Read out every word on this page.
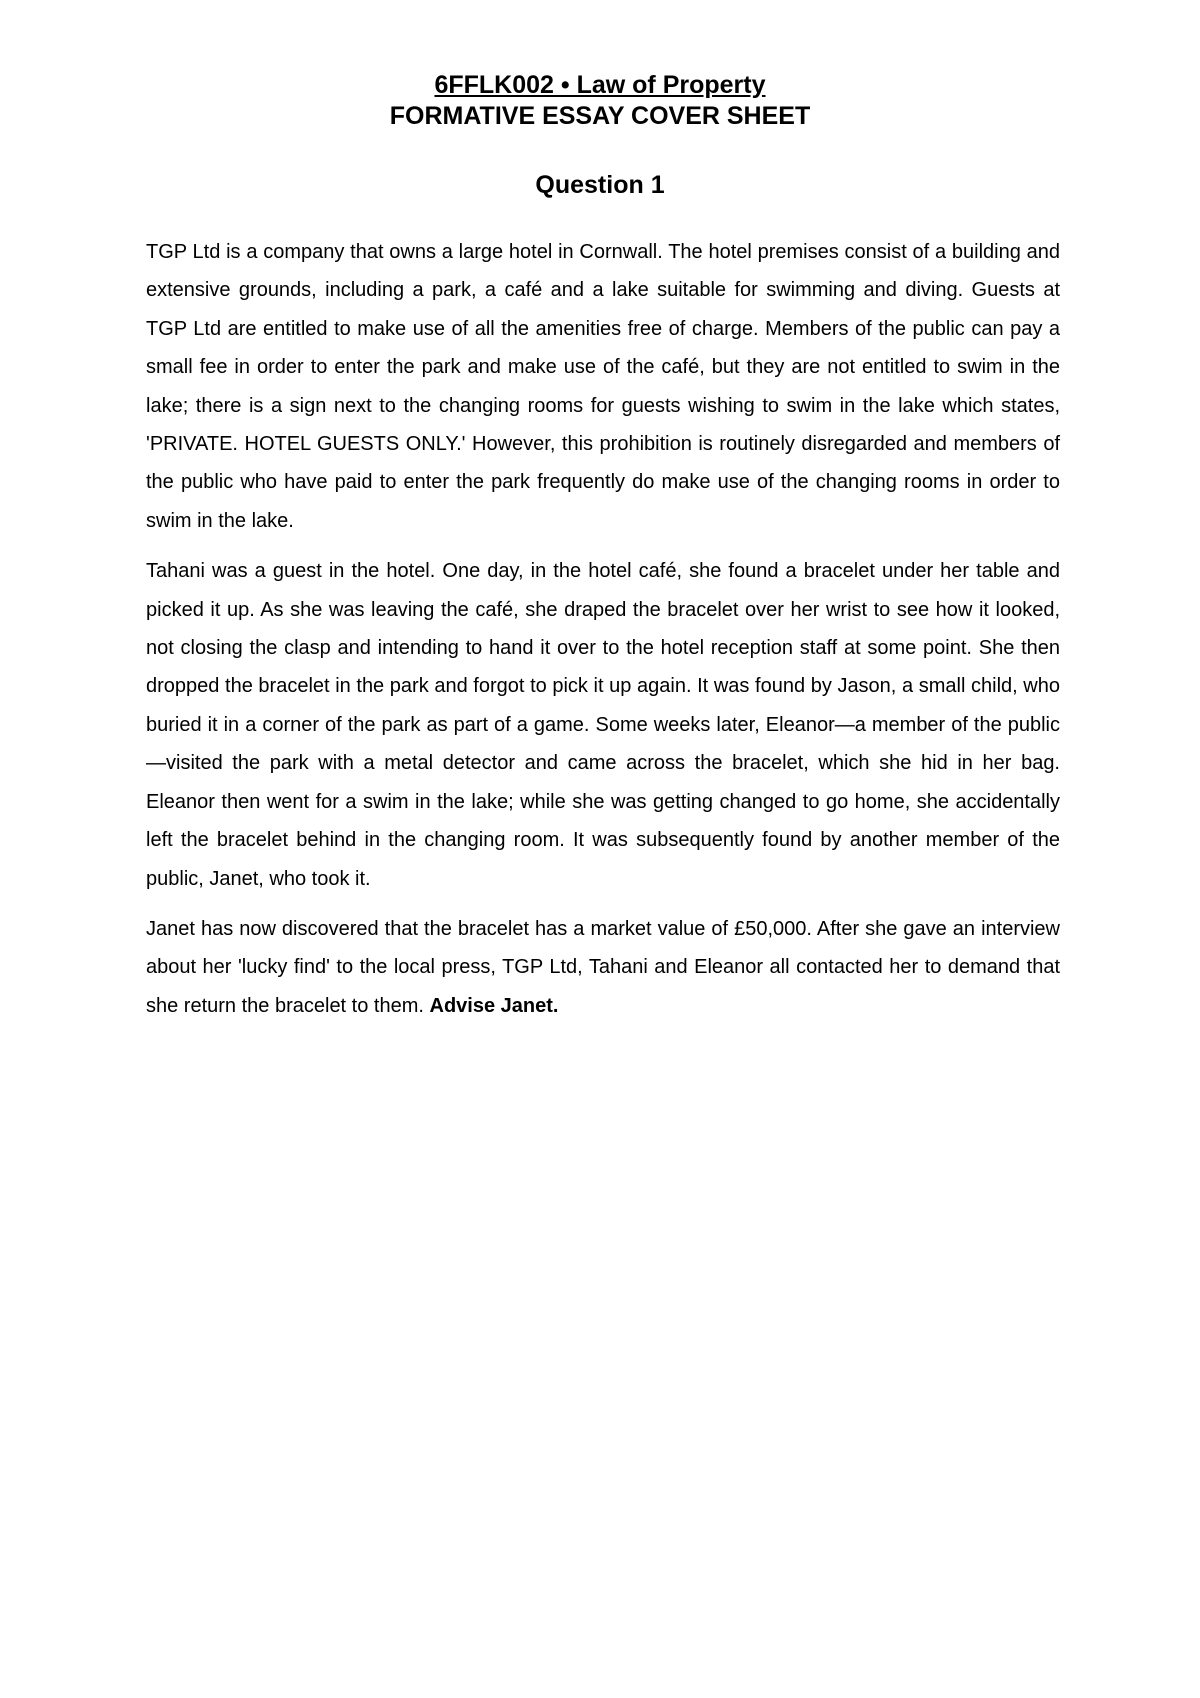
6FFLK002 • Law of Property

FORMATIVE ESSAY COVER SHEET

Question 1

TGP Ltd is a company that owns a large hotel in Cornwall. The hotel premises consist of a building and extensive grounds, including a park, a café and a lake suitable for swimming and diving. Guests at TGP Ltd are entitled to make use of all the amenities free of charge. Members of the public can pay a small fee in order to enter the park and make use of the café, but they are not entitled to swim in the lake; there is a sign next to the changing rooms for guests wishing to swim in the lake which states, 'PRIVATE. HOTEL GUESTS ONLY.' However, this prohibition is routinely disregarded and members of the public who have paid to enter the park frequently do make use of the changing rooms in order to swim in the lake.

Tahani was a guest in the hotel. One day, in the hotel café, she found a bracelet under her table and picked it up. As she was leaving the café, she draped the bracelet over her wrist to see how it looked, not closing the clasp and intending to hand it over to the hotel reception staff at some point. She then dropped the bracelet in the park and forgot to pick it up again. It was found by Jason, a small child, who buried it in a corner of the park as part of a game. Some weeks later, Eleanor—a member of the public—visited the park with a metal detector and came across the bracelet, which she hid in her bag. Eleanor then went for a swim in the lake; while she was getting changed to go home, she accidentally left the bracelet behind in the changing room. It was subsequently found by another member of the public, Janet, who took it.

Janet has now discovered that the bracelet has a market value of £50,000. After she gave an interview about her 'lucky find' to the local press, TGP Ltd, Tahani and Eleanor all contacted her to demand that she return the bracelet to them. Advise Janet.
